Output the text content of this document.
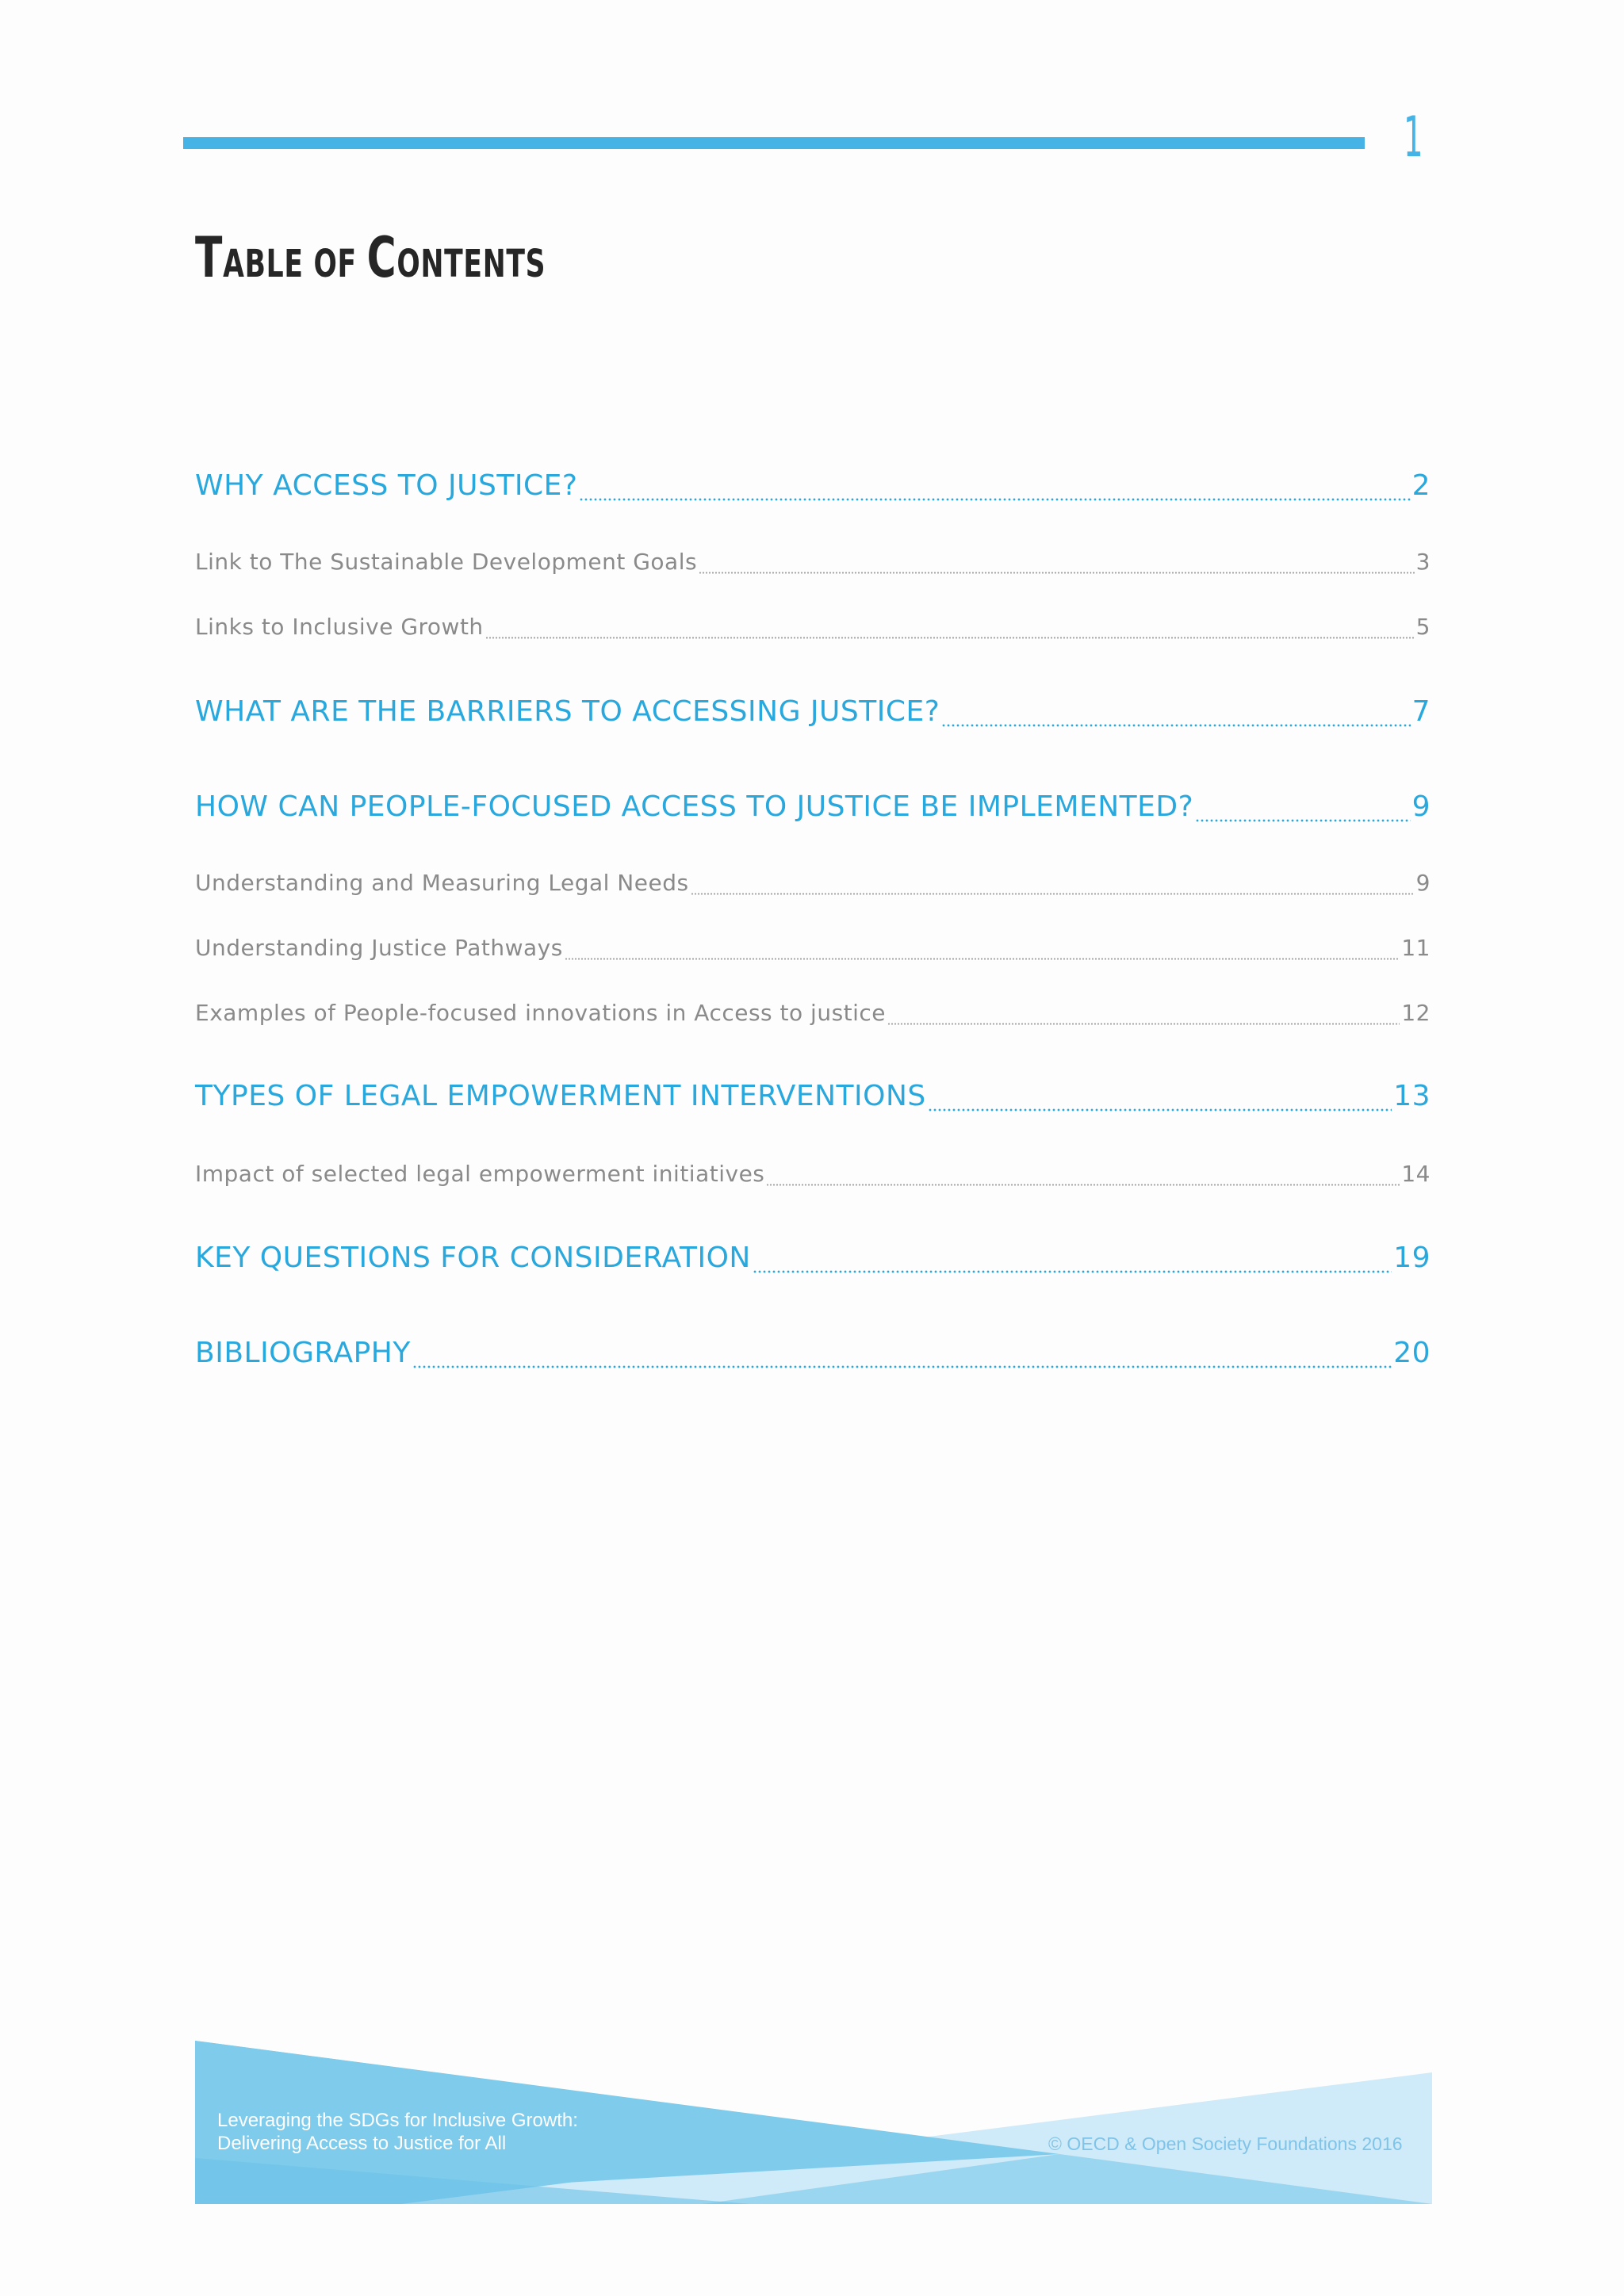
1
TABLE OF CONTENTS
WHY ACCESS TO JUSTICE?	2
Link to The Sustainable Development Goals	3
Links to Inclusive Growth	5
WHAT ARE THE BARRIERS TO ACCESSING JUSTICE?	7
HOW CAN PEOPLE-FOCUSED ACCESS TO JUSTICE BE IMPLEMENTED?	9
Understanding and Measuring Legal Needs	9
Understanding Justice Pathways	11
Examples of People-focused innovations in Access to justice	12
TYPES OF LEGAL EMPOWERMENT INTERVENTIONS	13
Impact of selected legal empowerment initiatives	14
KEY QUESTIONS FOR CONSIDERATION	19
BIBLIOGRAPHY	20
Leveraging the SDGs for Inclusive Growth:
Delivering Access to Justice for All	© OECD & Open Society Foundations 2016
